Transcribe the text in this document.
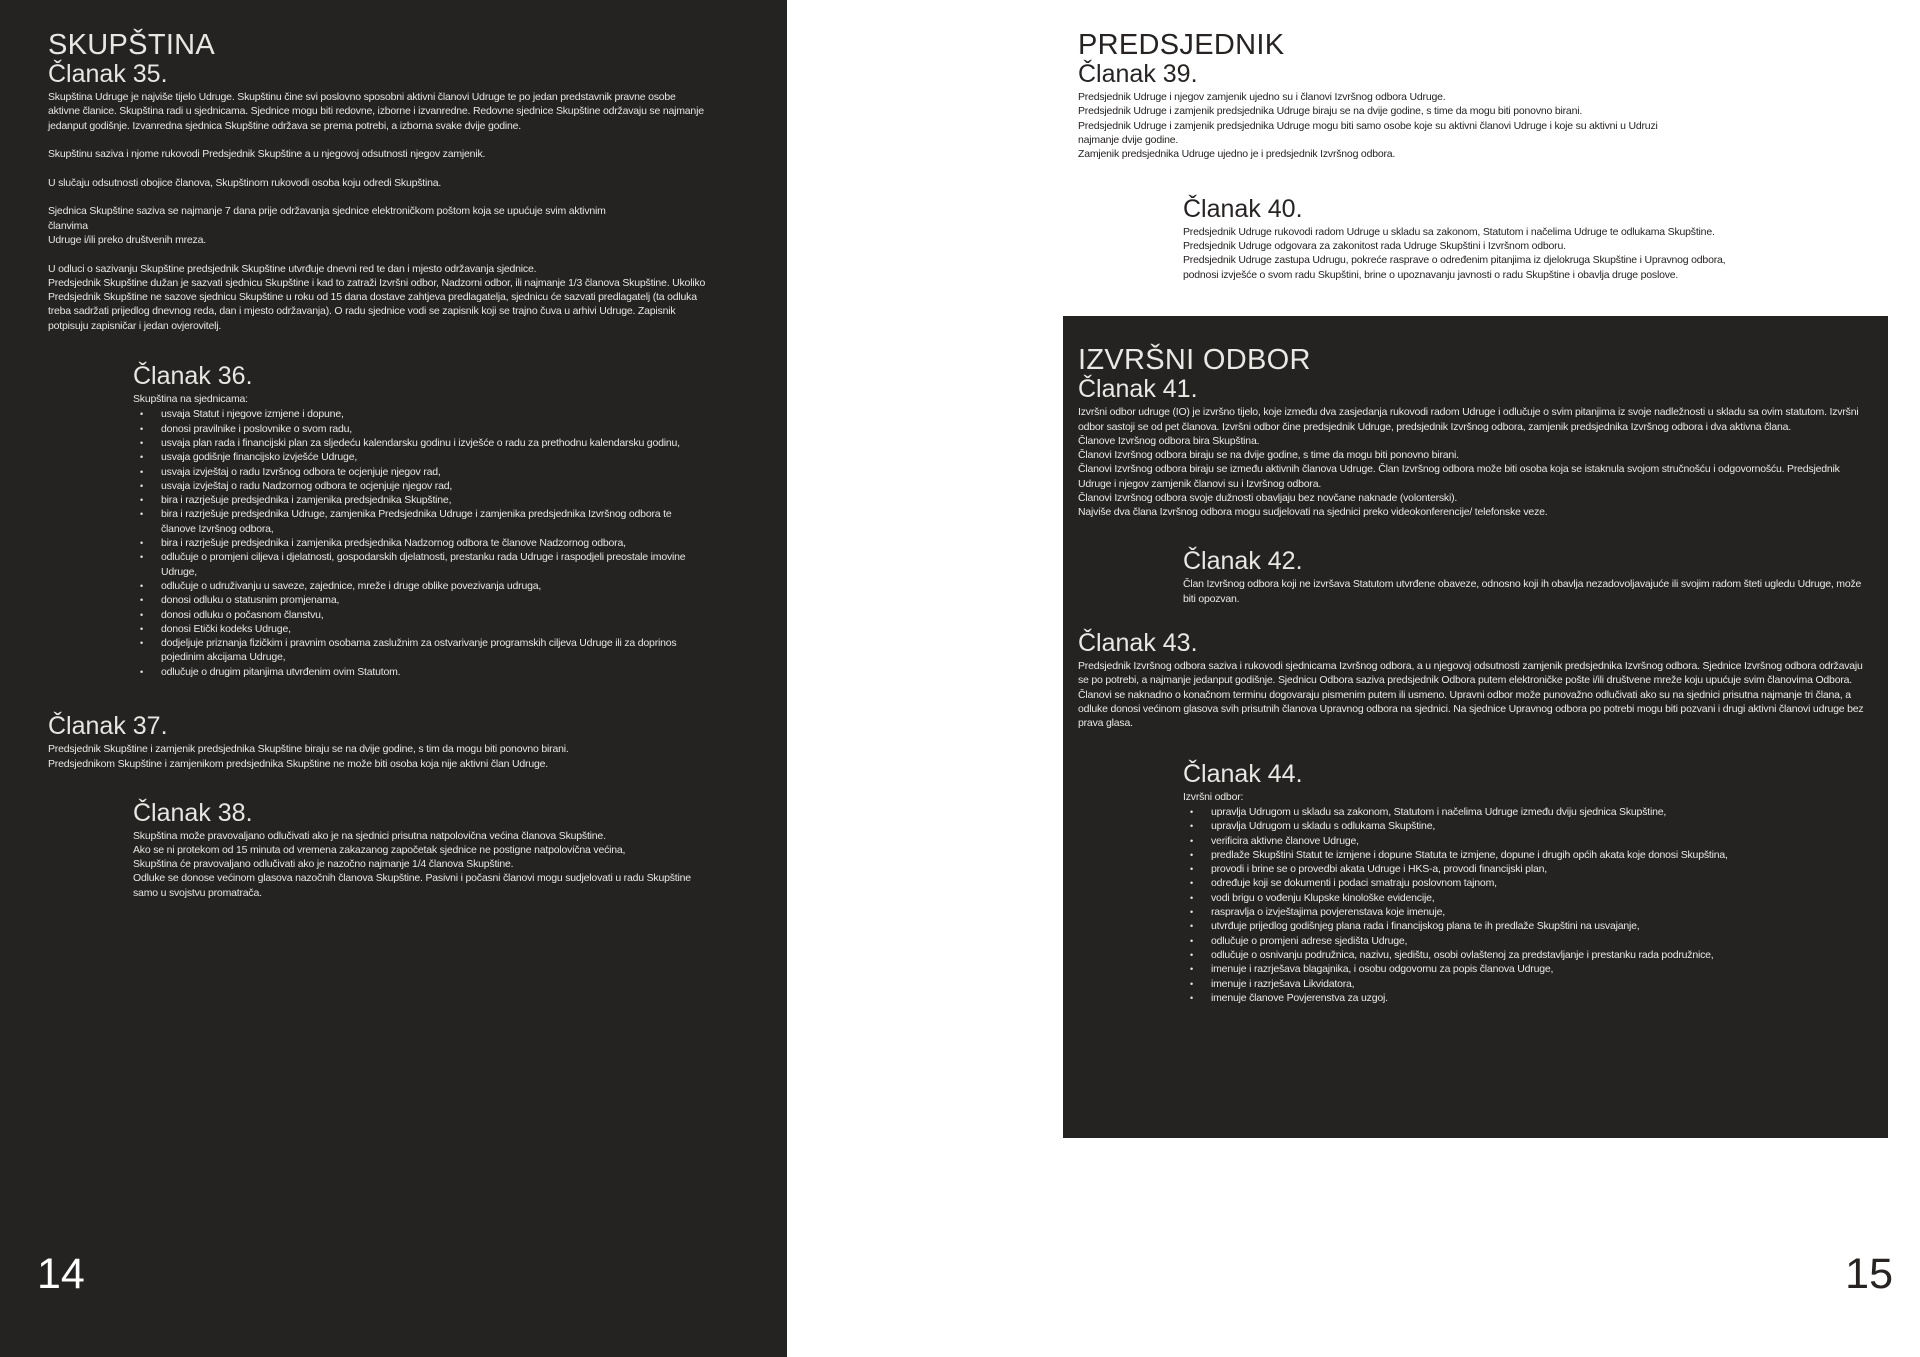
SKUPŠTINA
Članak 35.
Skupština Udruge je najviše tijelo Udruge. Skupštinu čine svi poslovno sposobni aktivni članovi Udruge te po jedan predstavnik pravne osobe aktivne članice. Skupština radi u sjednicama. Sjednice mogu biti redovne, izborne i izvanredne. Redovne sjednice Skupštine održavaju se najmanje jedanput godišnje. Izvanredna sjednica Skupštine održava se prema potrebi, a izborna svake dvije godine.
Skupštinu saziva i njome rukovodi Predsjednik Skupštine a u njegovoj odsutnosti njegov zamjenik.
U slučaju odsutnosti obojice članova, Skupštinom rukovodi osoba koju odredi Skupština.
Sjednica Skupštine saziva se najmanje 7 dana prije održavanja sjednice elektroničkom poštom koja se upućuje svim aktivnim
članvima
Udruge i/ili preko društvenih mreza.
U odluci o sazivanju Skupštine predsjednik Skupštine utvrđuje dnevni red te dan i mjesto održavanja sjednice.
Predsjednik Skupštine dužan je sazvati sjednicu Skupštine i kad to zatraži Izvršni odbor, Nadzorni odbor, ili najmanje 1/3 članova Skupštine. Ukoliko Predsjednik Skupštine ne sazove sjednicu Skupštine u roku od 15 dana dostave zahtjeva predlagatelja, sjednicu će sazvati predlagatelj (ta odluka treba sadržati prijedlog dnevnog reda, dan i mjesto održavanja). O radu sjednice vodi se zapisnik koji se trajno čuva u arhivi Udruge. Zapisnik potpisuju zapisničar i jedan ovjerovitelj.
Članak 36.
Skupština na sjednicama:
•
usvaja Statut i njegove izmjene i dopune,
•
donosi pravilnike i poslovnike o svom radu,
•
usvaja plan rada i financijski plan za sljedeću kalendarsku godinu i izvješće o radu za prethodnu kalendarsku godinu,
•
usvaja godišnje financijsko izvješće Udruge,
•
usvaja izvještaj o radu Izvršnog odbora te ocjenjuje njegov rad,
•
usvaja izvještaj o radu Nadzornog odbora te ocjenjuje njegov rad,
•
bira i razrješuje predsjednika i zamjenika predsjednika Skupštine,
•
bira i razrješuje predsjednika Udruge, zamjenika Predsjednika Udruge i zamjenika predsjednika Izvršnog odbora te članove Izvršnog odbora,
•
bira i razrješuje predsjednika i zamjenika predsjednika Nadzornog odbora te članove Nadzornog odbora,
•
odlučuje o promjeni ciljeva i djelatnosti, gospodarskih djelatnosti, prestanku rada Udruge i raspodjeli preostale imovine Udruge,
•
odlučuje o udruživanju u saveze, zajednice, mreže i druge oblike povezivanja udruga,
•
donosi odluku o statusnim promjenama,
•
donosi odluku o počasnom članstvu,
•
donosi Etički kodeks Udruge,
•
dodjeljuje priznanja fizičkim i pravnim osobama zaslužnim za ostvarivanje programskih ciljeva Udruge ili za doprinos pojedinim akcijama Udruge,
•
odlučuje o drugim pitanjima utvrđenim ovim Statutom.
Članak 37.
Predsjednik Skupštine i zamjenik predsjednika Skupštine biraju se na dvije godine, s tim da mogu biti ponovno birani.
Predsjednikom Skupštine i zamjenikom predsjednika Skupštine ne može biti osoba koja nije aktivni član Udruge.
Članak 38.
Skupština može pravovaljano odlučivati ako je na sjednici prisutna natpolovična većina članova Skupštine.
Ako se ni protekom od 15 minuta od vremena zakazanog započetak sjednice ne postigne natpolovična većina,
Skupština će pravovaljano odlučivati ako je nazočno najmanje 1/4 članova Skupštine.
Odluke se donose većinom glasova nazočnih članova Skupštine. Pasivni i počasni članovi mogu sudjelovati u radu Skupštine samo u svojstvu promatrača.
14
PREDSJEDNIK
Članak 39.
Predsjednik Udruge i njegov zamjenik ujedno su i članovi Izvršnog odbora Udruge.
Predsjednik Udruge i zamjenik predsjednika Udruge biraju se na dvije godine, s time da mogu biti ponovno birani.
Predsjednik Udruge i zamjenik predsjednika Udruge mogu biti samo osobe koje su aktivni članovi Udruge i koje su aktivni u Udruzi najmanje dvije godine.
Zamjenik predsjednika Udruge ujedno je i predsjednik Izvršnog odbora.
Članak 40.
Predsjednik Udruge rukovodi radom Udruge u skladu sa zakonom, Statutom i načelima Udruge te odlukama Skupštine.
Predsjednik Udruge odgovara za zakonitost rada Udruge Skupštini i Izvršnom odboru.
Predsjednik Udruge zastupa Udrugu, pokreće rasprave o određenim pitanjima iz djelokruga Skupštine i Upravnog odbora, podnosi izvješće o svom radu Skupštini, brine o upoznavanju javnosti o radu Skupštine i obavlja druge poslove.
IZVRŠNI ODBOR
Članak 41.
Izvršni odbor udruge (IO) je izvršno tijelo, koje između dva zasjedanja rukovodi radom Udruge i odlučuje o svim pitanjima iz svoje nadležnosti u skladu sa ovim statutom. Izvršni odbor sastoji se od pet članova. Izvršni odbor čine predsjednik Udruge, predsjednik Izvršnog odbora, zamjenik predsjednika Izvršnog odbora i dva aktivna člana.
Članove Izvršnog odbora bira Skupština.
Članovi Izvršnog odbora biraju se na dvije godine, s time da mogu biti ponovno birani.
Članovi Izvršnog odbora biraju se između aktivnih članova Udruge. Član Izvršnog odbora može biti osoba koja se istaknula svojom stručnošću i odgovornošću. Predsjednik Udruge i njegov zamjenik članovi su i Izvršnog odbora.
Članovi Izvršnog odbora svoje dužnosti obavljaju bez novčane naknade (volonterski).
Najviše dva člana Izvršnog odbora mogu sudjelovati na sjednici preko videokonferencije/ telefonske veze.
Članak 42.
Član Izvršnog odbora koji ne izvršava Statutom utvrđene obaveze, odnosno koji ih obavlja nezadovoljavajuće ili svojim radom šteti ugledu Udruge, može biti opozvan.
Članak 43.
Predsjednik Izvršnog odbora saziva i rukovodi sjednicama Izvršnog odbora, a u njegovoj odsutnosti zamjenik predsjednika Izvršnog odbora. Sjednice Izvršnog odbora održavaju se po potrebi, a najmanje jedanput godišnje. Sjednicu Odbora saziva predsjednik Odbora putem elektroničke pošte i/ili društvene mreže koju upućuje svim članovima Odbora. Članovi se naknadno o konačnom terminu dogovaraju pismenim putem ili usmeno. Upravni odbor može punovažno odlučivati ako su na sjednici prisutna najmanje tri člana, a odluke donosi većinom glasova svih prisutnih članova Upravnog odbora na sjednici. Na sjednice Upravnog odbora po potrebi mogu biti pozvani i drugi aktivni članovi udruge bez prava glasa.
Članak 44.
Izvršni odbor:
•
upravlja Udrugom u skladu sa zakonom, Statutom i načelima Udruge između dviju sjednica Skupštine,
•
upravlja Udrugom u skladu s odlukama Skupštine,
•
verificira aktivne članove Udruge,
•
predlaže Skupštini Statut te izmjene i dopune Statuta te izmjene, dopune i drugih općih akata koje donosi Skupština,
•
provodi i brine se o provedbi akata Udruge i HKS-a, provodi financijski plan,
•
određuje koji se dokumenti i podaci smatraju poslovnom tajnom,
•
vodi brigu o vođenju Klupske kinološke evidencije,
•
raspravlja o izvještajima povjerenstava koje imenuje,
•
utvrđuje prijedlog godišnjeg plana rada i financijskog plana te ih predlaže Skupštini na usvajanje,
•
odlučuje o promjeni adrese sjedišta Udruge,
•
odlučuje o osnivanju podružnica, nazivu, sjedištu, osobi ovlaštenoj za predstavljanje i prestanku rada podružnice,
•
imenuje i razrješava blagajnika, i osobu odgovornu za popis članova Udruge,
•
imenuje i razrješava Likvidatora,
•
imenuje članove Povjerenstva za uzgoj.
15
